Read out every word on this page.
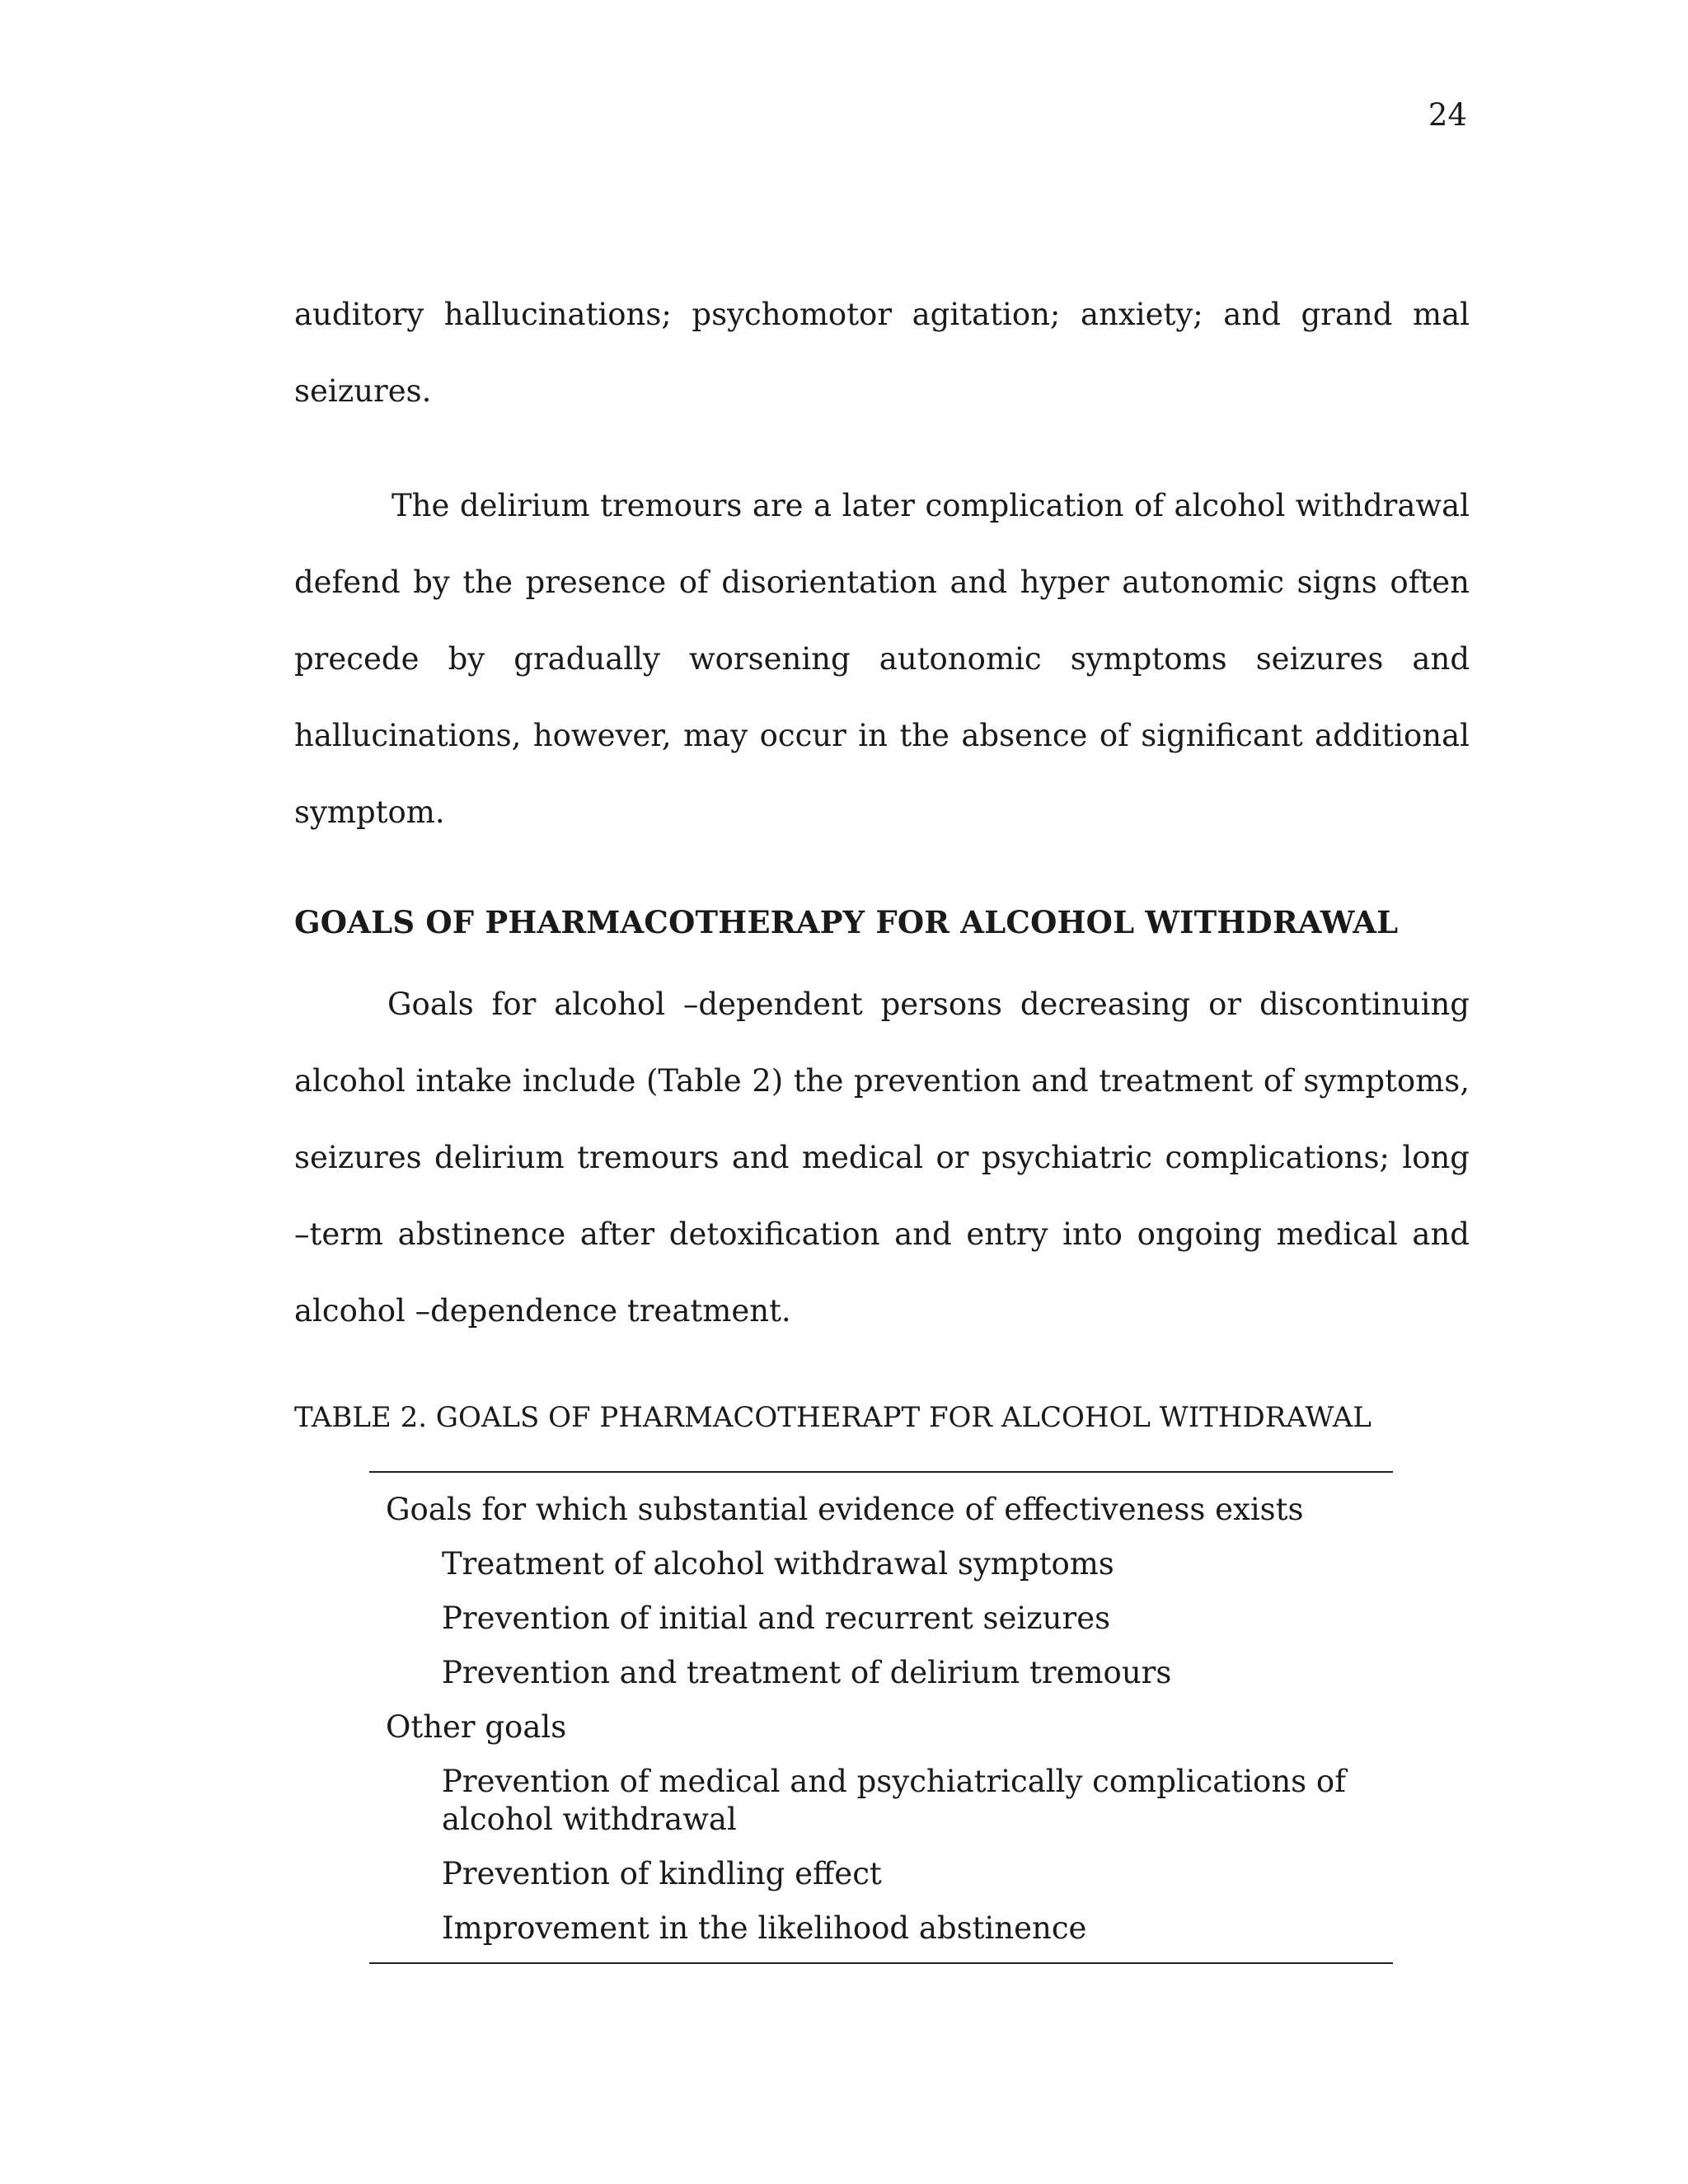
24
auditory hallucinations; psychomotor agitation; anxiety; and grand mal seizures.
The delirium tremours are a later complication of alcohol withdrawal defend by the presence of disorientation and hyper autonomic signs often precede by gradually worsening autonomic symptoms seizures and hallucinations, however, may occur in the absence of significant additional symptom.
GOALS OF PHARMACOTHERAPY FOR ALCOHOL WITHDRAWAL
Goals for alcohol –dependent persons decreasing or discontinuing alcohol intake include (Table 2) the prevention and treatment of symptoms, seizures delirium tremours and medical or psychiatric complications; long –term abstinence after detoxification and entry into ongoing medical and alcohol –dependence treatment.
TABLE 2. GOALS OF PHARMACOTHERAPT FOR ALCOHOL WITHDRAWAL
Goals for which substantial evidence of effectiveness exists
Treatment of alcohol withdrawal symptoms
Prevention of initial and recurrent seizures
Prevention and treatment of delirium tremours
Other goals
Prevention of medical and psychiatrically complications of alcohol withdrawal
Prevention of kindling effect
Improvement in the likelihood abstinence
